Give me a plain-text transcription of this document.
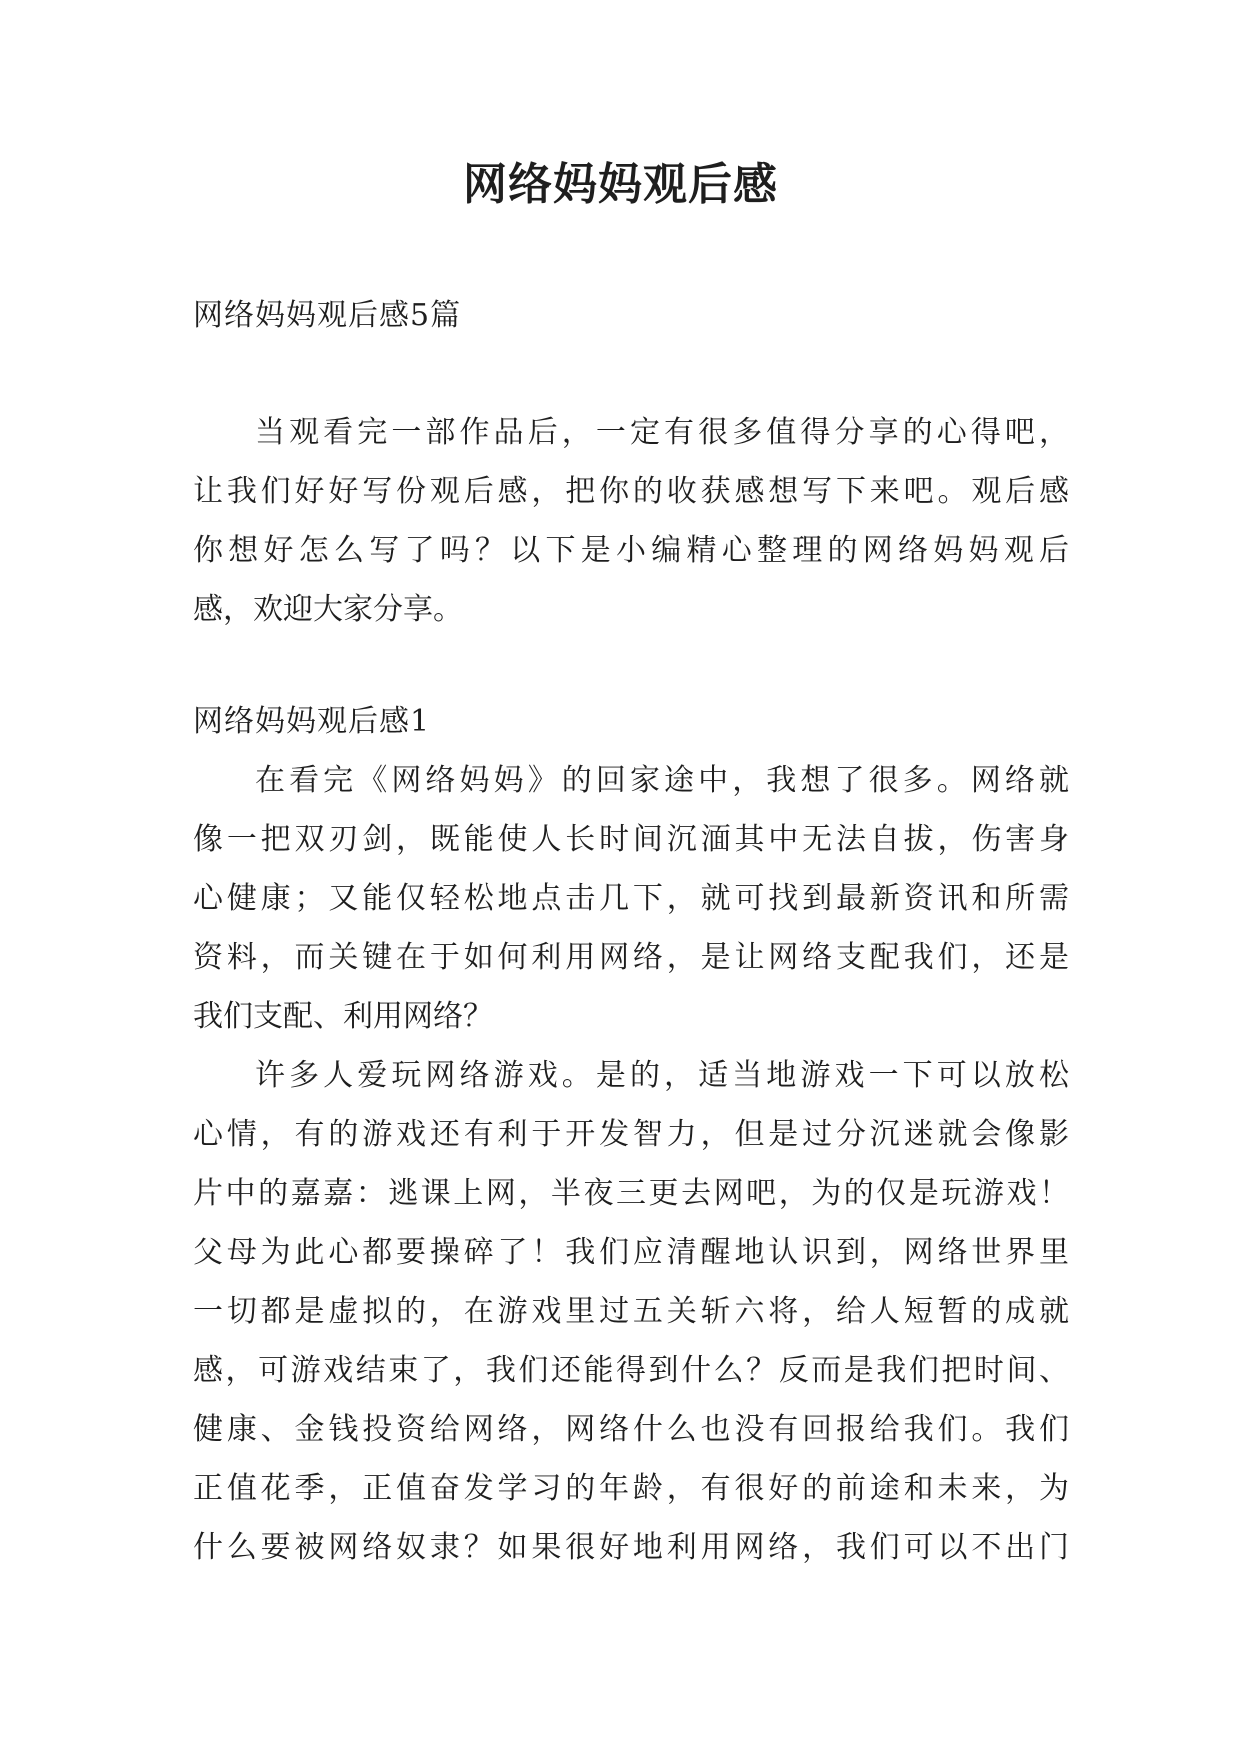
网络妈妈观后感
网络妈妈观后感5篇
当观看完一部作品后，一定有很多值得分享的心得吧，
让我们好好写份观后感，把你的收获感想写下来吧。观后感
你想好怎么写了吗？以下是小编精心整理的网络妈妈观后
感，欢迎大家分享。
网络妈妈观后感1
在看完《网络妈妈》的回家途中，我想了很多。网络就
像一把双刃剑，既能使人长时间沉湎其中无法自拔，伤害身
心健康；又能仅轻松地点击几下，就可找到最新资讯和所需
资料，而关键在于如何利用网络，是让网络支配我们，还是
我们支配、利用网络？
许多人爱玩网络游戏。是的，适当地游戏一下可以放松
心情，有的游戏还有利于开发智力，但是过分沉迷就会像影
片中的嘉嘉：逃课上网，半夜三更去网吧，为的仅是玩游戏！
父母为此心都要操碎了！我们应清醒地认识到，网络世界里
一切都是虚拟的，在游戏里过五关斩六将，给人短暂的成就
感，可游戏结束了，我们还能得到什么？反而是我们把时间、
健康、金钱投资给网络，网络什么也没有回报给我们。我们
正值花季，正值奋发学习的年龄，有很好的前途和未来，为
什么要被网络奴隶？如果很好地利用网络，我们可以不出门
